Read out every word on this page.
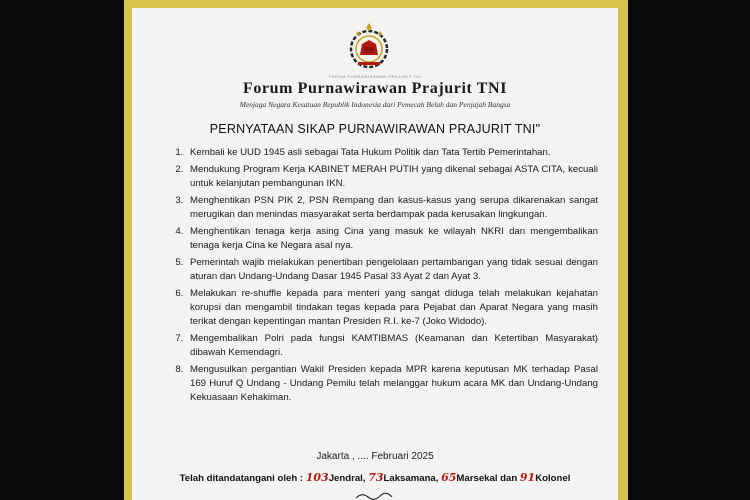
FORUM PURNAWIRAWAN PRAJURIT TNI
Forum Purnawirawan Prajurit TNI
Menjaga Negara Kesatuan Republik Indonesia dari Pemecah Belah dan Penjajah Bangsa
PERNYATAAN SIKAP PURNAWIRAWAN PRAJURIT TNI"
1. Kembali ke UUD 1945 asli sebagai Tata Hukum Politik dan Tata Tertib Pemerintahan.
2. Mendukung Program Kerja KABINET MERAH PUTIH yang dikenal sebagai ASTA CITA, kecuali untuk kelanjutan pembangunan IKN.
3. Menghentikan PSN PIK 2, PSN Rempang dan kasus-kasus yang serupa dikarenakan sangat merugikan dan menindas masyarakat serta berdampak pada kerusakan lingkungan.
4. Menghentikan tenaga kerja asing Cina yang masuk ke wilayah NKRI dan mengembalikan tenaga kerja Cina ke Negara asal nya.
5. Pemerintah wajib melakukan penertiban pengelolaan pertambangan yang tidak sesuai dengan aturan dan Undang-Undang Dasar 1945 Pasal 33 Ayat 2 dan Ayat 3.
6. Melakukan re-shuffle kepada para menteri yang sangat diduga telah melakukan kejahatan korupsi dan mengambil tindakan tegas kepada para Pejabat dan Aparat Negara yang masih terikat dengan kepentingan mantan Presiden R.I. ke-7 (Joko Widodo).
7. Mengembalikan Polri pada fungsi KAMTIBMAS (Keamanan dan Ketertiban Masyarakat) dibawah Kemendagri.
8. Mengusulkan pergantian Wakil Presiden kepada MPR karena keputusan MK terhadap Pasal 169 Huruf Q Undang - Undang Pemilu telah melanggar hukum acara MK dan Undang-Undang Kekuasaan Kehakiman.
Jakarta , .... Februari 2025
Telah ditandatangani oleh : 103Jendral, 73Laksamana, 65Marsekal dan 91Kolonel
